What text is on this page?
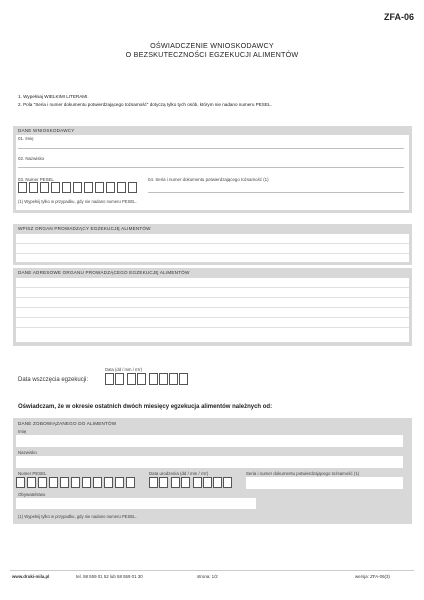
ZFA-06
OŚWIADCZENIE WNIOSKODAWCY
O BEZSKUTECZNOŚCI EGZEKUCJI ALIMENTÓW
1. Wypełniaj WIELKIMI LITERAMI.
2. Pola "Seria i numer dokumentu potwierdzającego tożsamość" dotyczą tylko tych osób, którym nie nadano numeru PESEL.
DANE WNIOSKODAWCY
01. Imię
02. Nazwisko
03. Numer PESEL	04. Seria i numer dokumentu potwierdzającego tożsamość (1)
(1) Wypełnij tylko w przypadku, gdy nie nadano numeru PESEL.
WPISZ ORGAN PROWADZĄCY EGZEKUCJĘ ALIMENTÓW
DANE ADRESOWE ORGANU PROWADZĄCEGO EGZEKUCJĘ ALIMENTÓW
Data (dd / mm / rrrr)
Data wszczęcia egzekucji:
Oświadczam, że w okresie ostatnich dwóch miesięcy egzekucja alimentów należnych od:
DANE ZOBOWIĄZANEGO DO ALIMENTÓW
Imię
Nazwisko
Numer PESEL	Data urodzenia (dd / mm / rrrr)	Seria i numer dokumentu potwierdzającego tożsamość (1)
Obywatelstwo
(1) Wypełnij tylko w przypadku, gdy nie nadano numeru PESEL.
www.druki-mila.pl	tel. 58 559 01 52 lub 58 559 01 30	strona: 1/2	wersja: ZFA-06(3)
